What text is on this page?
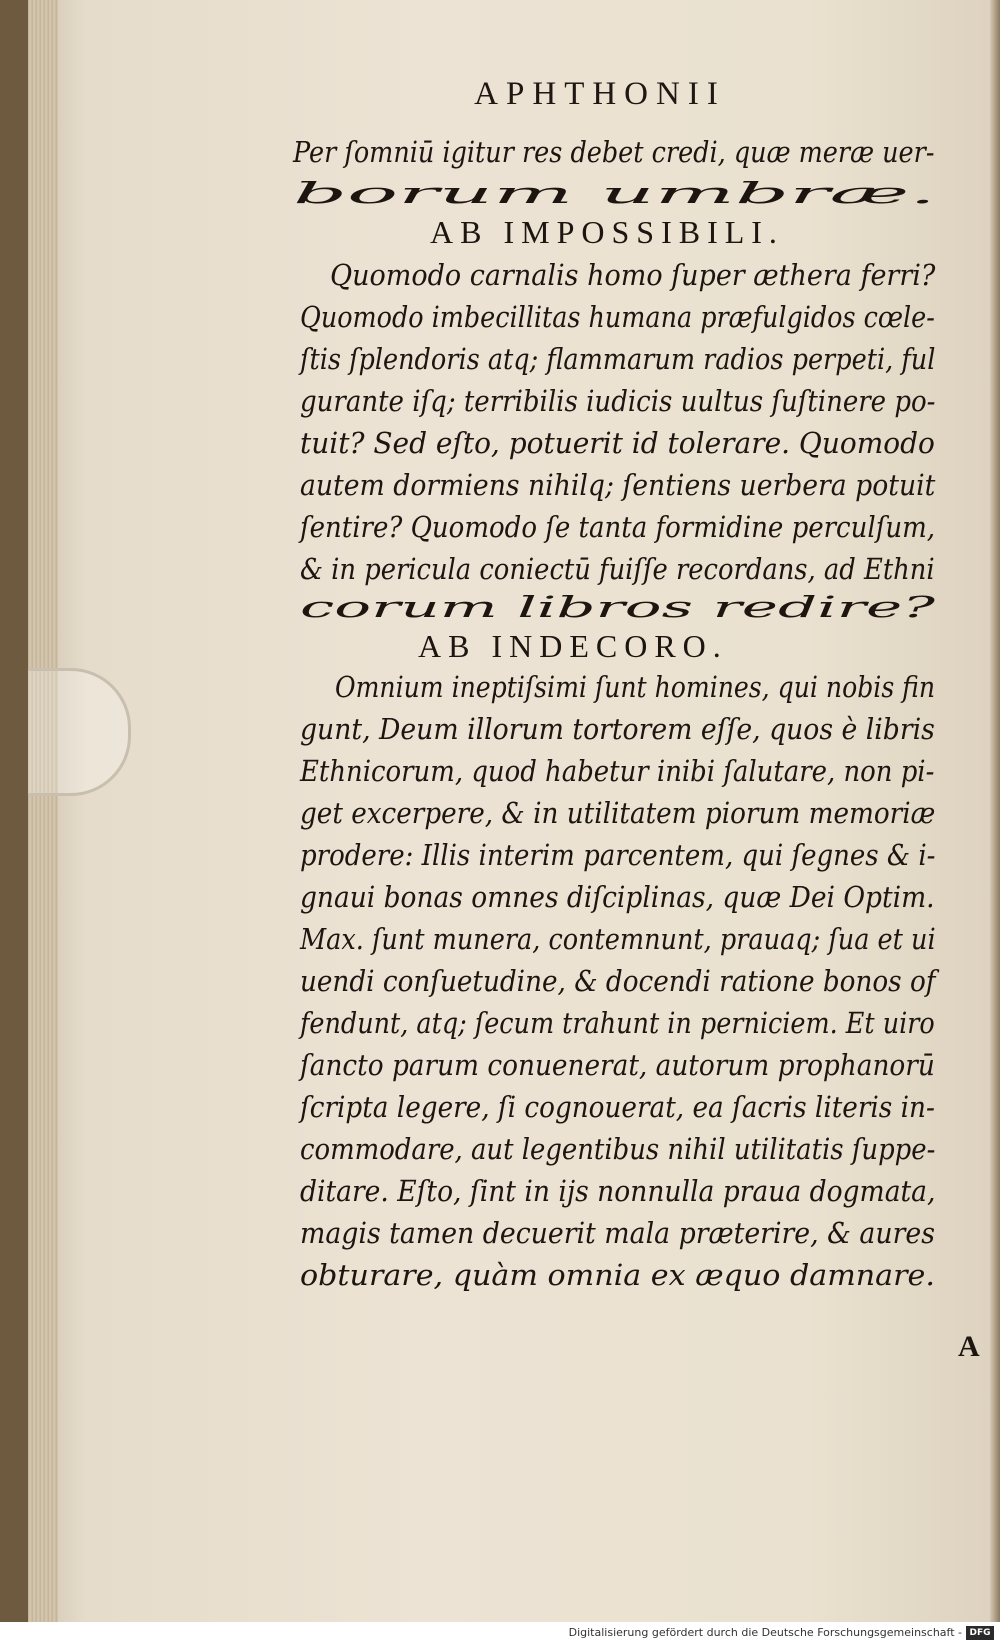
APHTHONII
Per ſomniū igitur res debet credi, quæ meræ uer-
borum umbræ.
AB IMPOSSIBILI.
Quomodo carnalis homo ſuper æthera ferri?
Quomodo imbecillitas humana præfulgidos cœle-
ſtis ſplendoris atq; flammarum radios perpeti, ful
gurante iſq; terribilis iudicis uultus ſuſtinere po-
tuit? Sed eſto, potuerit id tolerare. Quomodo
autem dormiens nihilq; ſentiens uerbera potuit
ſentire? Quomodo ſe tanta formidine perculſum,
& in pericula coniectū fuiſſe recordans, ad Ethni
corum libros redire?
AB INDECORO.
Omnium ineptiſsimi ſunt homines, qui nobis fin
gunt, Deum illorum tortorem eſſe, quos è libris
Ethnicorum, quod habetur inibi ſalutare, non pi-
get excerpere, & in utilitatem piorum memoriæ
prodere: Illis interim parcentem, qui ſegnes & i-
gnaui bonas omnes diſciplinas, quæ Dei Optim.
Max. ſunt munera, contemnunt, prauaq; ſua et ui
uendi conſuetudine, & docendi ratione bonos of
fendunt, atq; ſecum trahunt in perniciem. Et uiro
ſancto parum conuenerat, autorum prophanorū
ſcripta legere, ſi cognouerat, ea ſacris literis in-
commodare, aut legentibus nihil utilitatis ſuppe-
ditare. Eſto, ſint in ijs nonnulla praua dogmata,
magis tamen decuerit mala præterire, & aures
obturare, quàm omnia ex æquo damnare.
A
Digitalisierung gefördert durch die Deutsche Forschungsgemeinschaft - DFG
